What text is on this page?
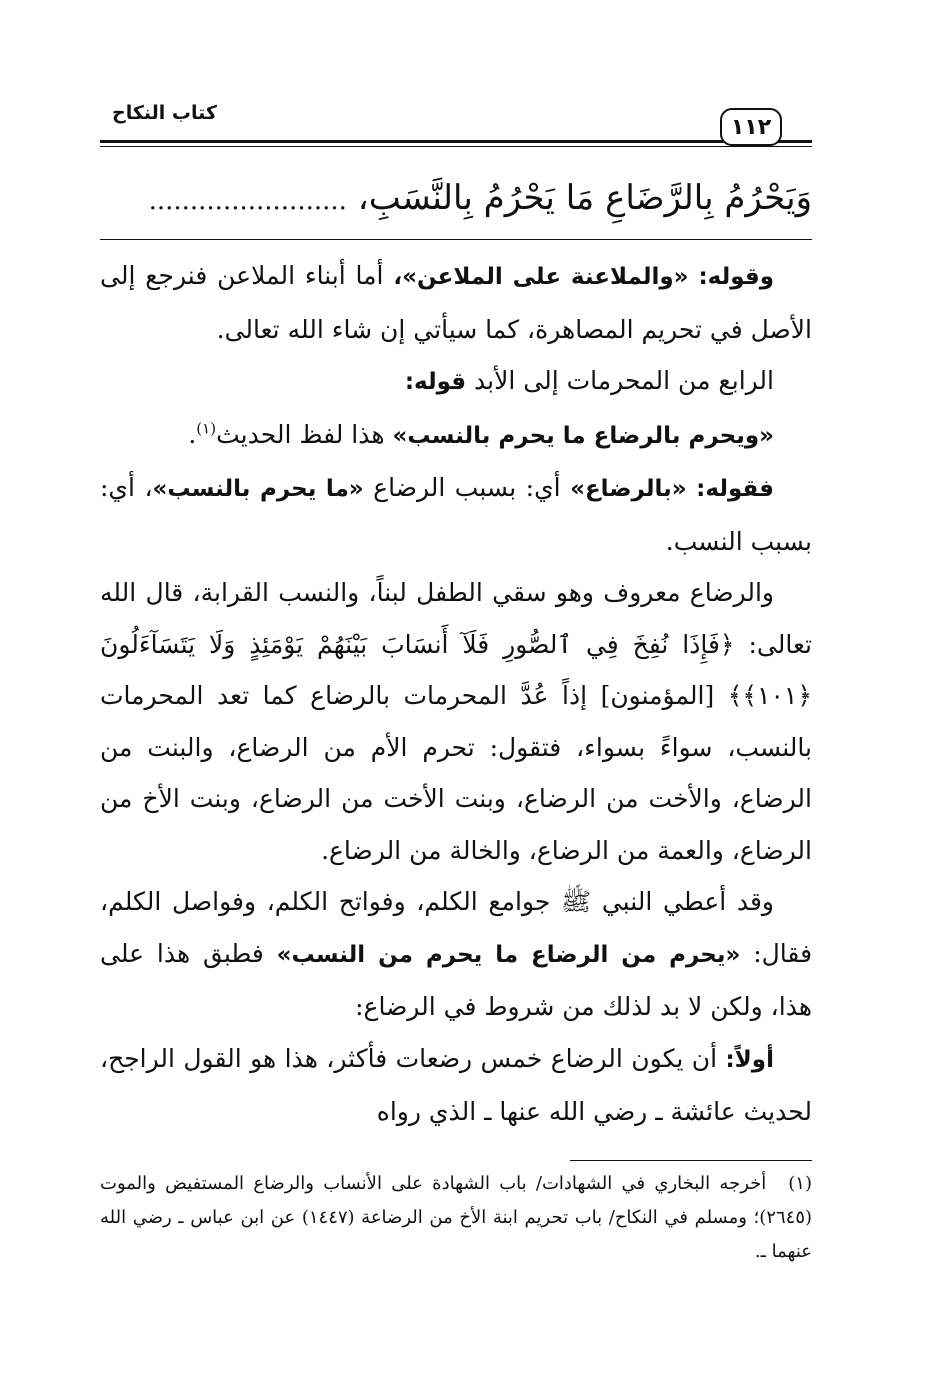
١١٢
كتاب النكاح
وَيَحْرُمُ بِالرَّضَاعِ مَا يَحْرُمُ بِالنَّسَبِ، ........................

وقوله: «والملاعنة على الملاعن»، أما أبناء الملاعن فنرجع إلى الأصل في تحريم المصاهرة، كما سيأتي إن شاء الله تعالى.

الرابع من المحرمات إلى الأبد قوله:

«ويحرم بالرضاع ما يحرم بالنسب» هذا لفظ الحديث$^{(١)}$.

فقوله: «بالرضاع» أي: بسبب الرضاع «ما يحرم بالنسب»، أي: بسبب النسب.

والرضاع معروف وهو سقي الطفل لبناً، والنسب القرابة، قال الله تعالى: ﴿فَإِذَا نُفِخَ فِي ٱلصُّورِ فَلَآ أَنسَابَ بَيْنَهُمْ يَوْمَئِذٍ وَلَا يَتَسَآءَلُونَ ﴿١٠١﴾﴾ [المؤمنون] إذاً عُدَّ المحرمات بالرضاع كما تعد المحرمات بالنسب، سواءً بسواء، فتقول: تحرم الأم من الرضاع، والبنت من الرضاع، والأخت من الرضاع، وبنت الأخت من الرضاع، وبنت الأخ من الرضاع، والعمة من الرضاع، والخالة من الرضاع.

وقد أعطي النبي ﷺ جوامع الكلم، وفواتح الكلم، وفواصل الكلم، فقال: «يحرم من الرضاع ما يحرم من النسب» فطبق هذا على هذا، ولكن لا بد لذلك من شروط في الرضاع:

أولاً: أن يكون الرضاع خمس رضعات فأكثر، هذا هو القول الراجح، لحديث عائشة ـ رضي الله عنها ـ الذي رواه

(١)أخرجه البخاري في الشهادات/ باب الشهادة على الأنساب والرضاع المستفيض والموت (٢٦٤٥)؛ ومسلم في النكاح/ باب تحريم ابنة الأخ من الرضاعة (١٤٤٧) عن ابن عباس ـ رضي الله عنهما ـ.
